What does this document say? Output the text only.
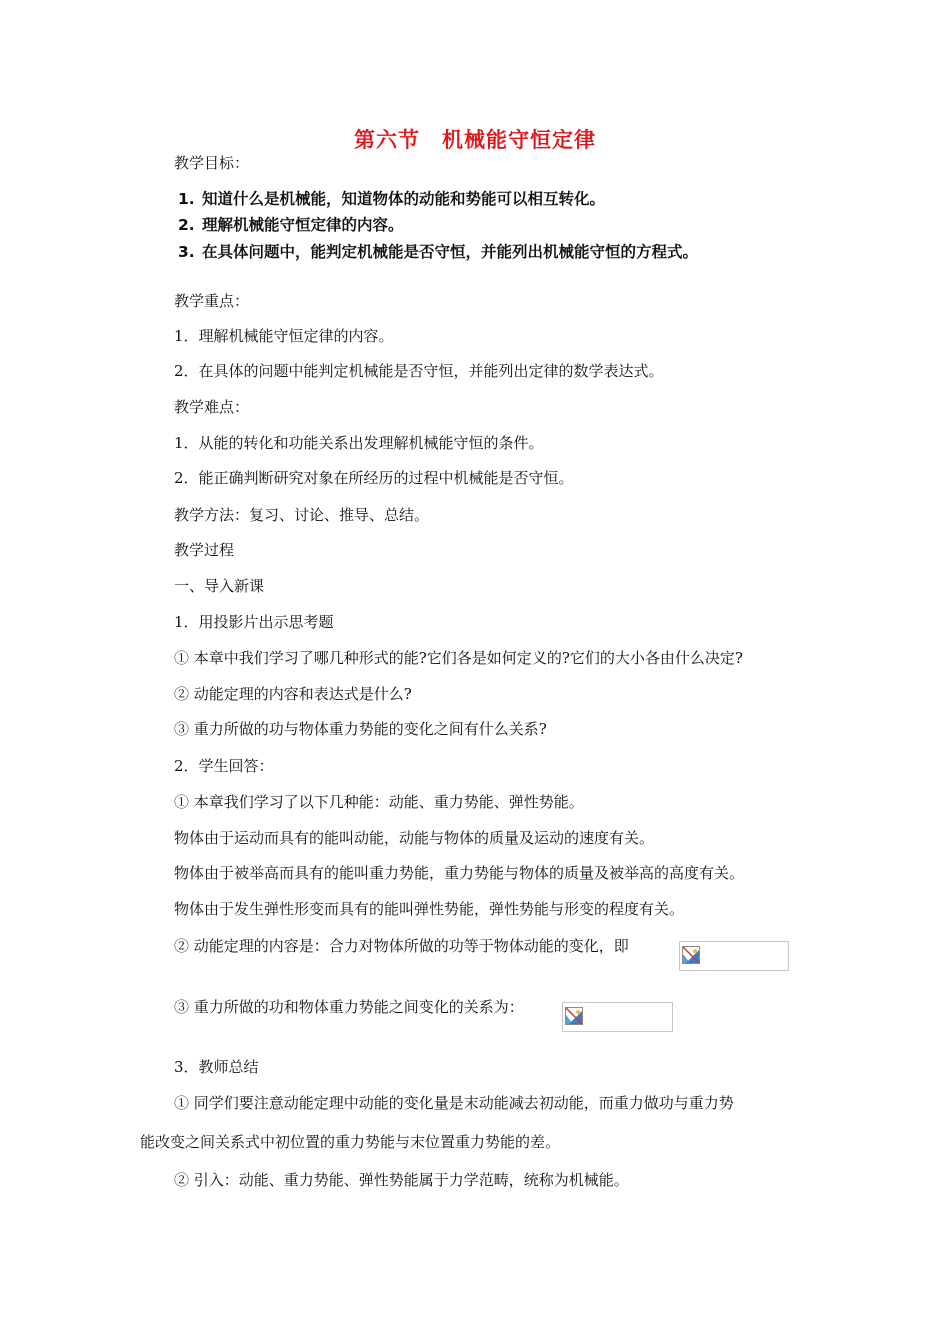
第六节　机械能守恒定律
教学目标：
1. 知道什么是机械能，知道物体的动能和势能可以相互转化。
2. 理解机械能守恒定律的内容。
3. 在具体问题中，能判定机械能是否守恒，并能列出机械能守恒的方程式。
教学重点：
1．理解机械能守恒定律的内容。
2．在具体的问题中能判定机械能是否守恒，并能列出定律的数学表达式。
教学难点：
1．从能的转化和功能关系出发理解机械能守恒的条件。
2．能正确判断研究对象在所经历的过程中机械能是否守恒。
教学方法：复习、讨论、推导、总结。
教学过程
一、导入新课
1．用投影片出示思考题
① 本章中我们学习了哪几种形式的能?它们各是如何定义的?它们的大小各由什么决定?
② 动能定理的内容和表达式是什么?
③ 重力所做的功与物体重力势能的变化之间有什么关系?
2．学生回答：
① 本章我们学习了以下几种能：动能、重力势能、弹性势能。
物体由于运动而具有的能叫动能，动能与物体的质量及运动的速度有关。
物体由于被举高而具有的能叫重力势能，重力势能与物体的质量及被举高的高度有关。
物体由于发生弹性形变而具有的能叫弹性势能，弹性势能与形变的程度有关。
② 动能定理的内容是：合力对物体所做的功等于物体动能的变化，即
③ 重力所做的功和物体重力势能之间变化的关系为：
3．教师总结
① 同学们要注意动能定理中动能的变化量是末动能减去初动能，而重力做功与重力势
能改变之间关系式中初位置的重力势能与末位置重力势能的差。
② 引入：动能、重力势能、弹性势能属于力学范畴，统称为机械能。
